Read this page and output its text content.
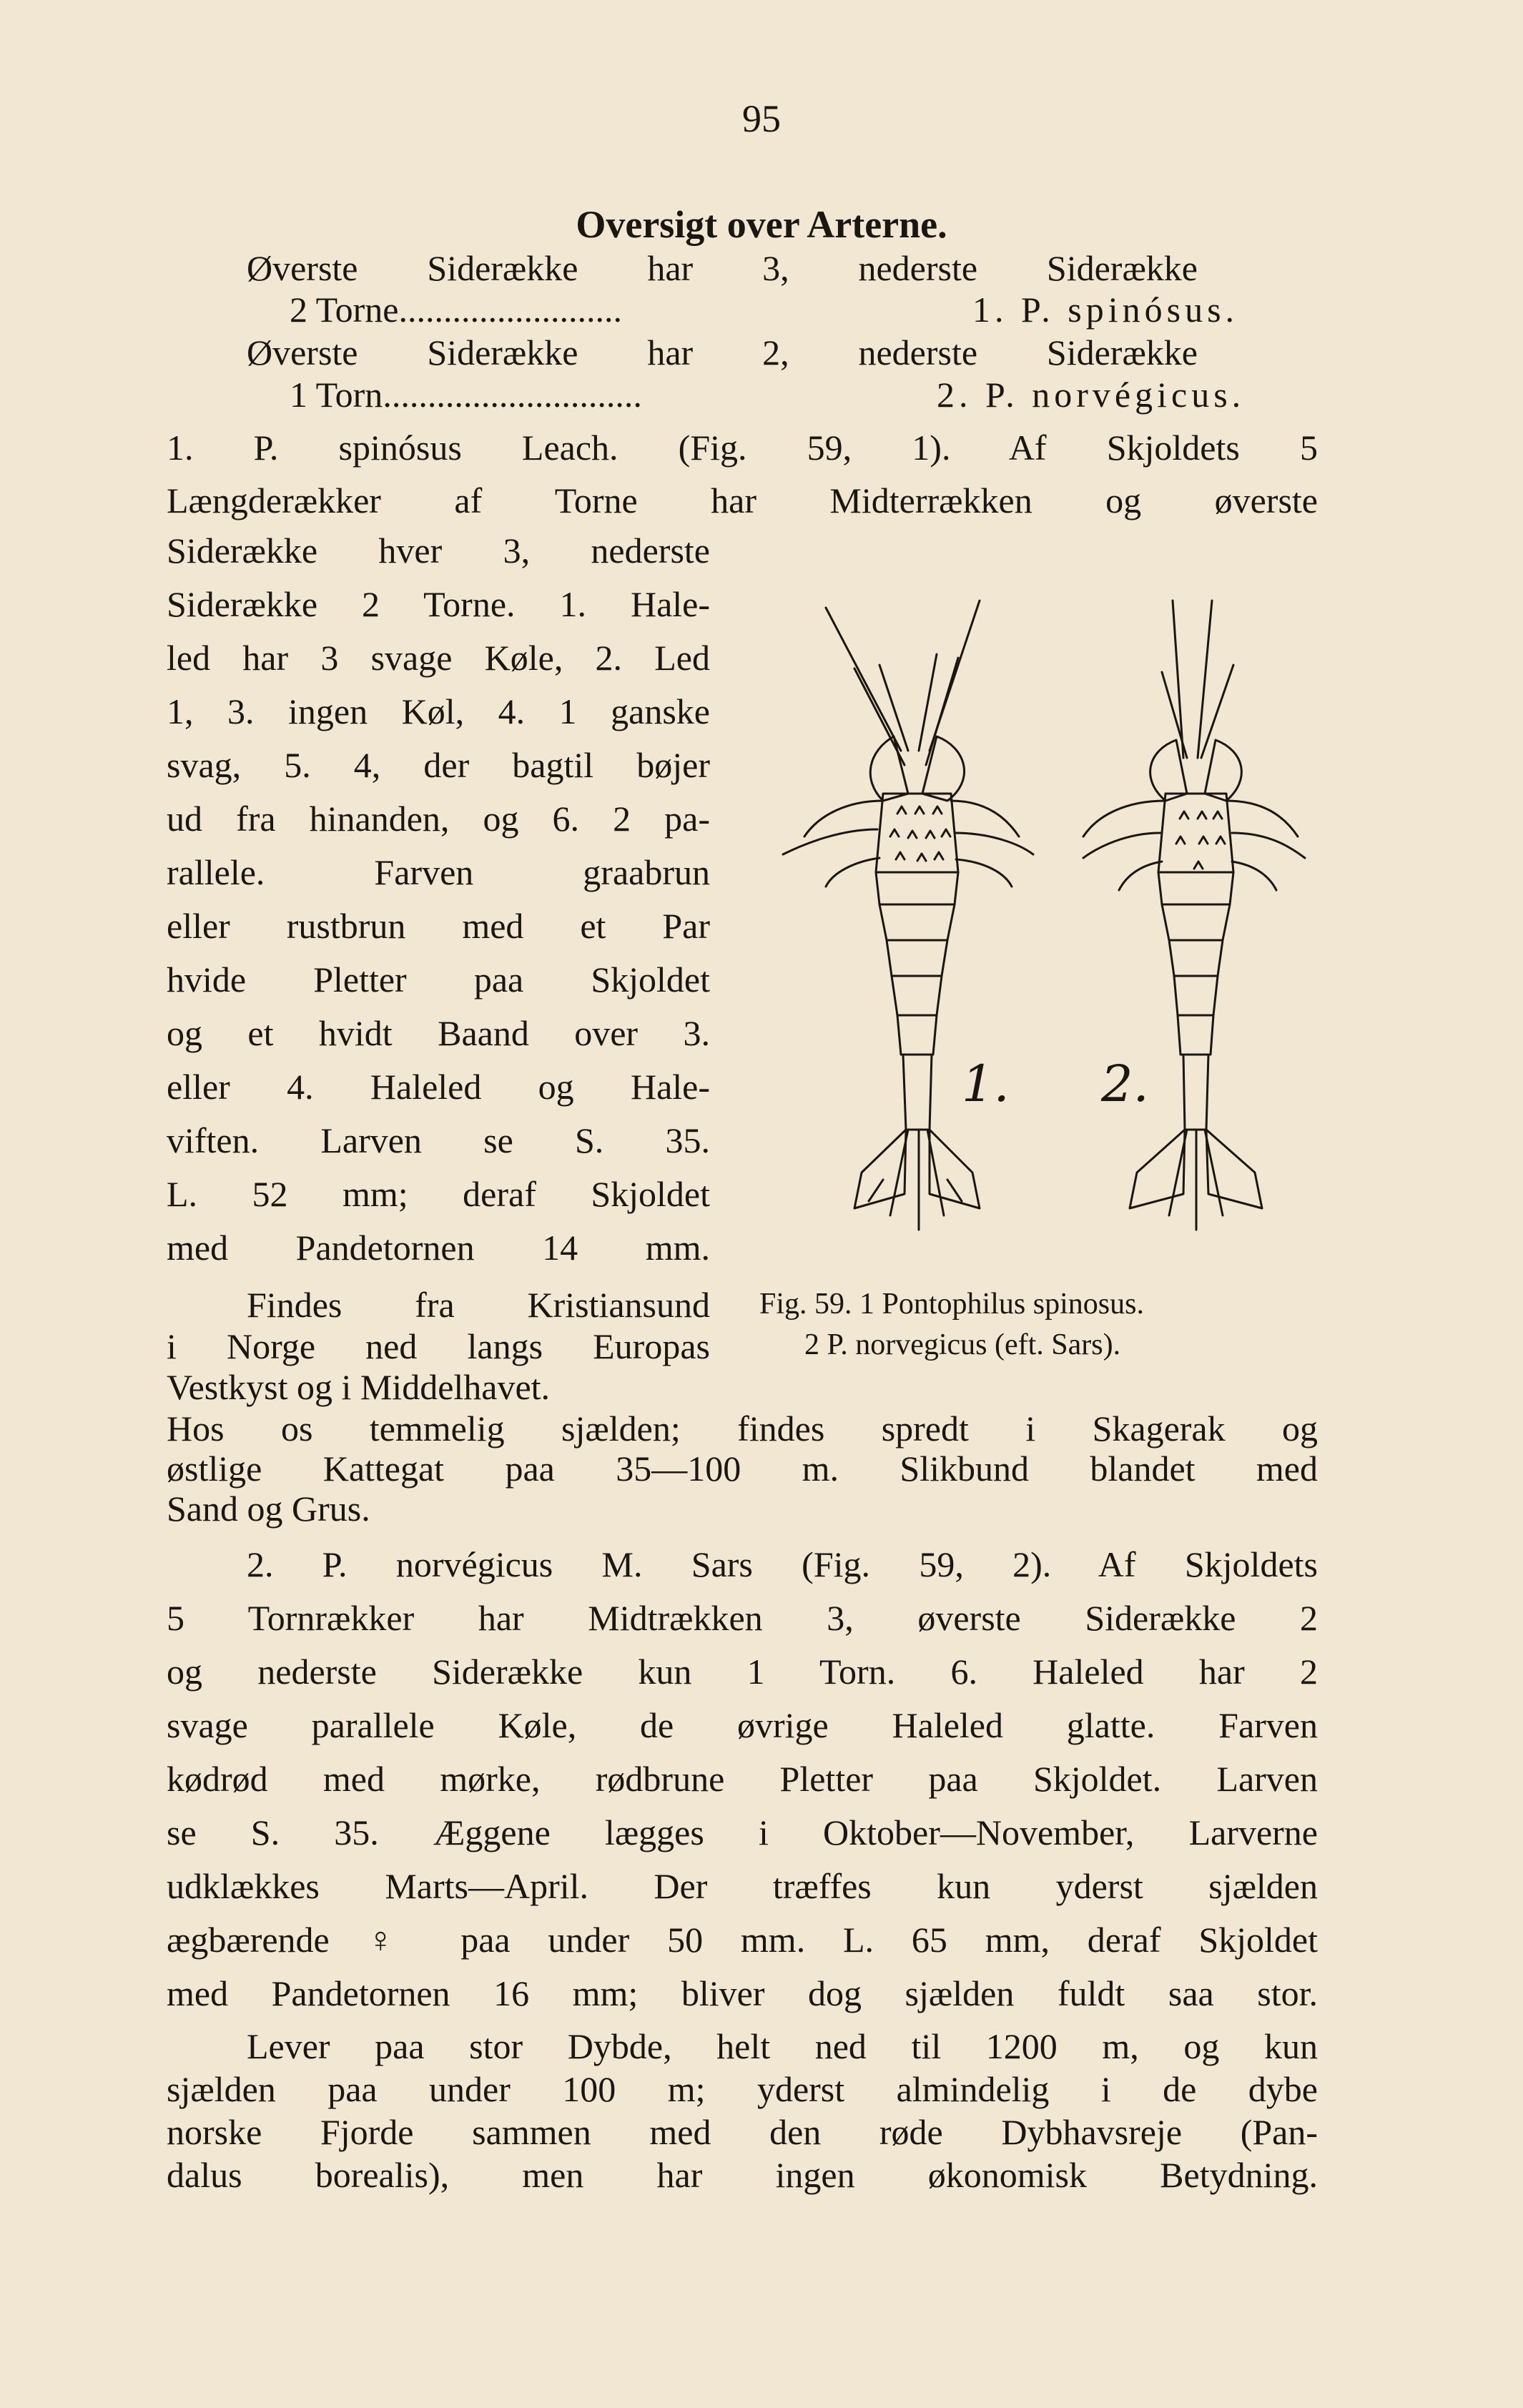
95
Oversigt over Arterne.
Øverste Siderække har 3, nederste Siderække
2 Torne.........................	1. P. spinósus.
Øverste Siderække har 2, nederste Siderække
1 Torn.............................	2. P. norvégicus.
1. P. spinósus Leach. (Fig. 59, 1). Af Skjoldets 5
Længderækker af Torne har Midterrækken og øverste
Siderække hver 3, nederste
Siderække 2 Torne. 1. Hale-
led har 3 svage Køle, 2. Led
1, 3. ingen Køl, 4. 1 ganske
svag, 5. 4, der bagtil bøjer
ud fra hinanden, og 6. 2 pa-
rallele. Farven graabrun
eller rustbrun med et Par
hvide Pletter paa Skjoldet
og et hvidt Baand over 3.
eller 4. Haleled og Hale-
viften. Larven se S. 35.
L. 52 mm; deraf Skjoldet
med Pandetornen 14 mm.
Findes fra Kristiansund
i Norge ned langs Europas
Vestkyst og i Middelhavet.
Hos os temmelig sjælden; findes spredt i Skagerak og
østlige Kattegat paa 35—100 m. Slikbund blandet med
Sand og Grus.
1. 2.
Fig. 59. 1 Pontophilus spinosus.
2 P. norvegicus (eft. Sars).
2. P. norvégicus M. Sars (Fig. 59, 2). Af Skjoldets
5 Tornrækker har Midtrækken 3, øverste Siderække 2
og nederste Siderække kun 1 Torn. 6. Haleled har 2
svage parallele Køle, de øvrige Haleled glatte. Farven
kødrød med mørke, rødbrune Pletter paa Skjoldet. Larven
se S. 35. Æggene lægges i Oktober—November, Larverne
udklækkes Marts—April. Der træffes kun yderst sjælden
ægbærende ♀ paa under 50 mm. L. 65 mm, deraf Skjoldet
med Pandetornen 16 mm; bliver dog sjælden fuldt saa stor.
Lever paa stor Dybde, helt ned til 1200 m, og kun
sjælden paa under 100 m; yderst almindelig i de dybe
norske Fjorde sammen med den røde Dybhavsreje (Pan-
dalus borealis), men har ingen økonomisk Betydning.
